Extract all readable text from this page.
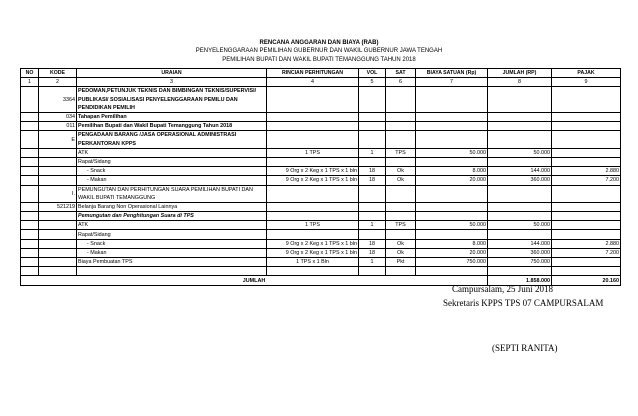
RENCANA ANGGARAN DAN BIAYA (RAB)
PENYELENGGARAAN PEMILIHAN GUBERNUR DAN WAKIL GUBERNUR JAWA TENGAH
PEMILIHAN BUPATI DAN WAKIL BUPATI TEMANGGUNG TAHUN 2018
NO	KODE	URAIAN	RINCIAN PERHITUNGAN	VOL	SAT	BIAYA SATUAN (Rp)	JUMLAH (RP)	PAJAK
1	2	3	4	5	6	7	8	9
	3364	PEDOMAN,PETUNJUK TEKNIS DAN BIMBINGAN TEKNIS/SUPERVISI/ PUBLIKASI/ SOSIALISASI PENYELENGGARAAN PEMILU DAN PENDIDIKAN PEMILIH						
	034	Tahapan Pemilihan						
	011	Pemilihan Bupati dan Wakil Bupati Temanggung Tahun 2018						
	E	PENGADAAN BARANG /JASA OPERASIONAL ADMINISTRASI PERKANTORAN KPPS						
		ATK	1 TPS	1	TPS	50.000	50.000	
		Rapat/Sidang						
		- Snack	9 Org x 2 Keg x 1 TPS x 1 bln	18	Ok	8.000	144.000	2.880
		- Makan	9 Org x 2 Keg x 1 TPS x 1 bln	18	Ok	20.000	360.000	7.200
	I.	PEMUNGUTAN DAN PERHITUNGAN SUARA PEMILIHAN BUPATI DAN WAKIL BUPATI TEMANGGUNG						
	521219	Belanja Barang Non Operasional Lainnya						
		Pemungutan dan Penghitungan Suara di TPS						
		ATK	1 TPS	1	TPS	50.000	50.000	
		Rapat/Sidang						
		- Snack	9 Org x 2 Keg x 1 TPS x 1 bln	18	Ok	8.000	144.000	2.880
		- Makan	9 Org x 2 Keg x 1 TPS x 1 bln	18	Ok	20.000	360.000	7.200
		Biaya Pembuatan TPS	1 TPS x 1 Bln	1	Pkt	750.000	750.000	

JUMLAH							1.858.000	20.160
Campursalam, 25 Juni 2018
Sekretaris KPPS TPS 07 CAMPURSALAM
(SEPTI RANITA)
